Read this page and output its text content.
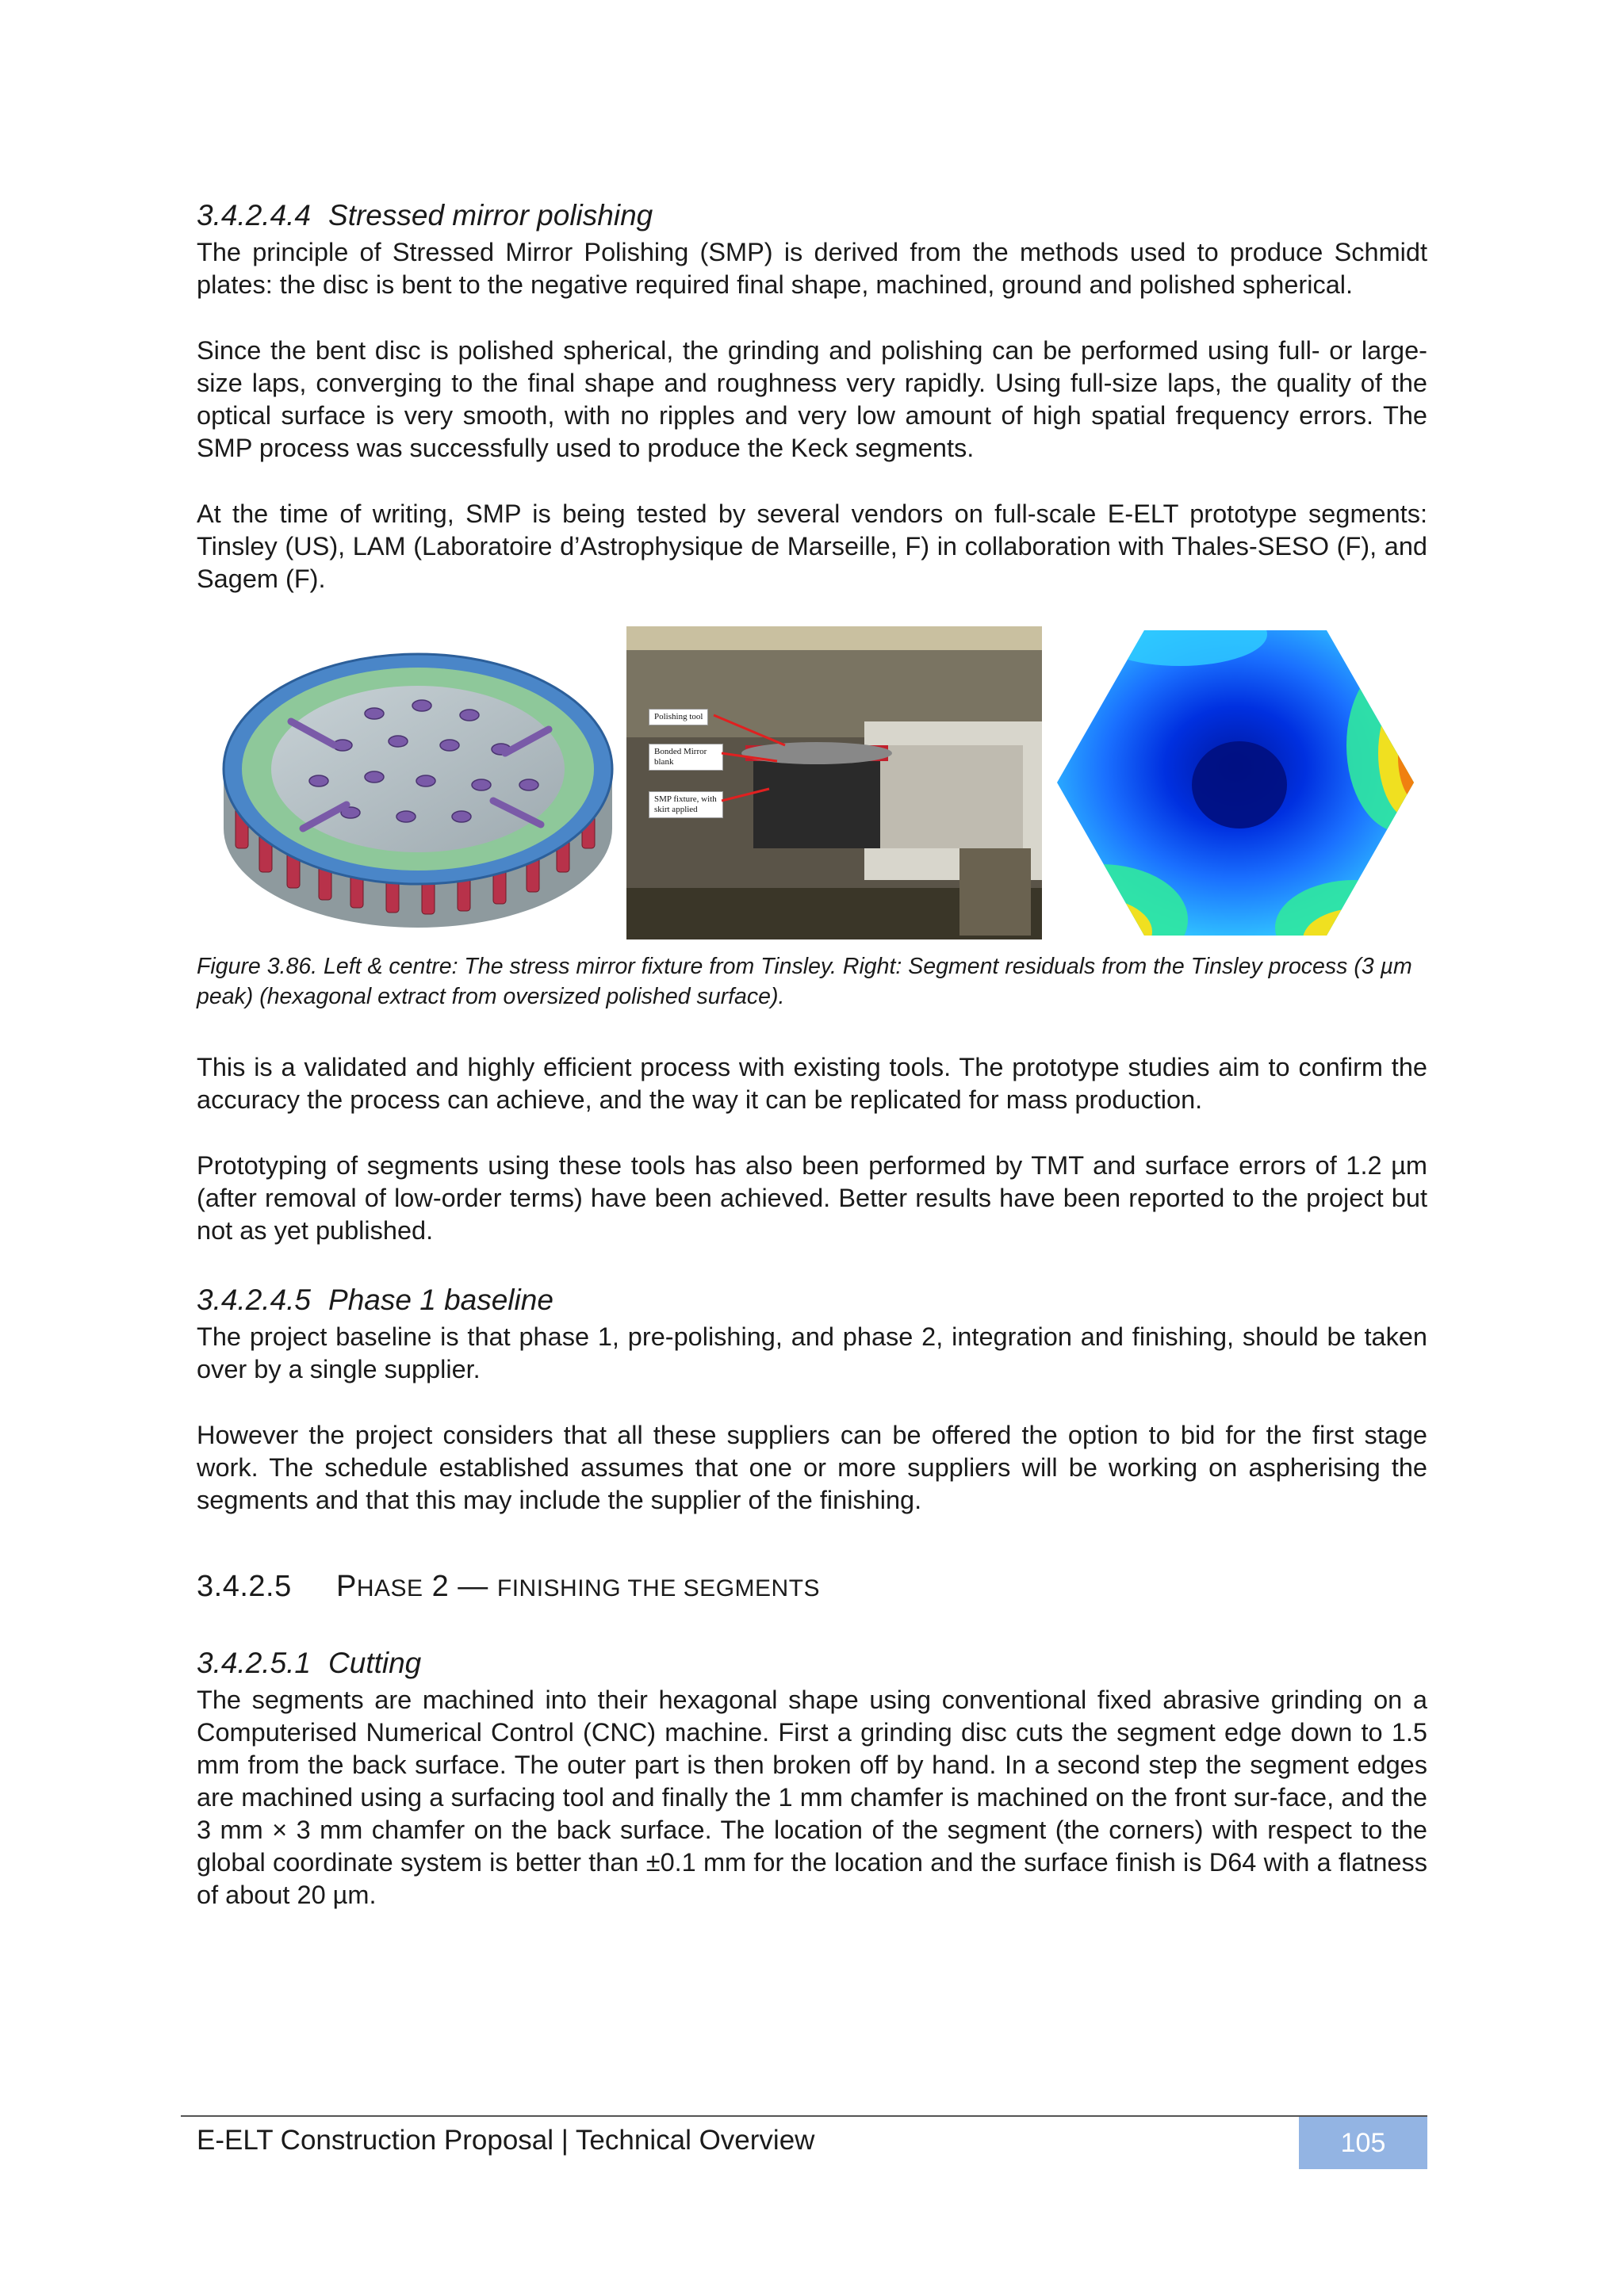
3.4.2.4.4 Stressed mirror polishing

The principle of Stressed Mirror Polishing (SMP) is derived from the methods used to produce Schmidt plates: the disc is bent to the negative required final shape, machined, ground and polished spherical.

Since the bent disc is polished spherical, the grinding and polishing can be performed using full- or large-size laps, converging to the final shape and roughness very rapidly. Using full-size laps, the quality of the optical surface is very smooth, with no ripples and very low amount of high spatial frequency errors. The SMP process was successfully used to produce the Keck segments.

At the time of writing, SMP is being tested by several vendors on full-scale E-ELT prototype segments: Tinsley (US), LAM (Laboratoire d’Astrophysique de Marseille, F) in collaboration with Thales-SESO (F), and Sagem (F).

Polishing tool
Bonded Mirror blank
SMP fixture, with skirt applied

Figure 3.86. Left & centre: The stress mirror fixture from Tinsley. Right: Segment residuals from the Tinsley process (3 µm peak) (hexagonal extract from oversized polished surface).

This is a validated and highly efficient process with existing tools. The prototype studies aim to confirm the accuracy the process can achieve, and the way it can be replicated for mass production.

Prototyping of segments using these tools has also been performed by TMT and surface errors of 1.2 µm (after removal of low-order terms) have been achieved. Better results have been reported to the project but not as yet published.

3.4.2.4.5 Phase 1 baseline

The project baseline is that phase 1, pre-polishing, and phase 2, integration and finishing, should be taken over by a single supplier.

However the project considers that all these suppliers can be offered the option to bid for the first stage work. The schedule established assumes that one or more suppliers will be working on aspherising the segments and that this may include the supplier of the finishing.

3.4.2.5 PHASE 2 — FINISHING THE SEGMENTS
3.4.2.5.1 Cutting

The segments are machined into their hexagonal shape using conventional fixed abrasive grinding on a Computerised Numerical Control (CNC) machine. First a grinding disc cuts the segment edge down to 1.5 mm from the back surface. The outer part is then broken off by hand. In a second step the segment edges are machined using a surfacing tool and finally the 1 mm chamfer is machined on the front sur-face, and the 3 mm × 3 mm chamfer on the back surface. The location of the segment (the corners) with respect to the global coordinate system is better than ±0.1 mm for the location and the surface finish is D64 with a flatness of about 20 µm.

E-ELT Construction Proposal | Technical Overview	105
